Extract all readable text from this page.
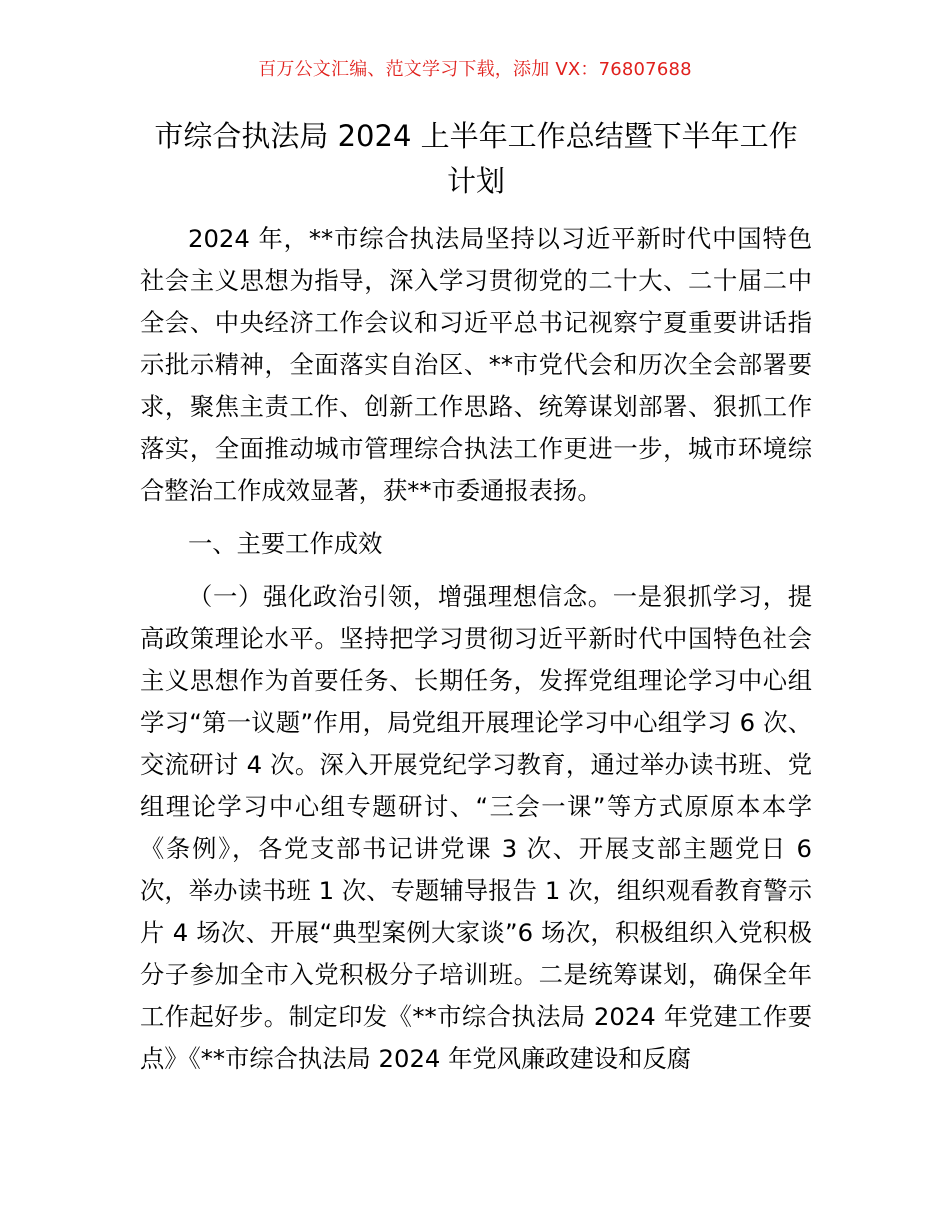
百万公文汇编、范文学习下载，添加 VX：76807688
市综合执法局 2024 上半年工作总结暨下半年工作计划

2024 年，**市综合执法局坚持以习近平新时代中国特色社会主义思想为指导，深入学习贯彻党的二十大、二十届二中全会、中央经济工作会议和习近平总书记视察宁夏重要讲话指示批示精神，全面落实自治区、**市党代会和历次全会部署要求，聚焦主责工作、创新工作思路、统筹谋划部署、狠抓工作落实，全面推动城市管理综合执法工作更进一步，城市环境综合整治工作成效显著，获**市委通报表扬。

一、主要工作成效

（一）强化政治引领，增强理想信念。一是狠抓学习，提高政策理论水平。坚持把学习贯彻习近平新时代中国特色社会主义思想作为首要任务、长期任务，发挥党组理论学习中心组学习“第一议题”作用，局党组开展理论学习中心组学习 6 次、交流研讨 4 次。深入开展党纪学习教育，通过举办读书班、党组理论学习中心组专题研讨、“三会一课”等方式原原本本学《条例》，各党支部书记讲党课 3 次、开展支部主题党日 6 次，举办读书班 1 次、专题辅导报告 1 次，组织观看教育警示片 4 场次、开展“典型案例大家谈”6 场次，积极组织入党积极分子参加全市入党积极分子培训班。二是统筹谋划，确保全年工作起好步。制定印发《**市综合执法局 2024 年党建工作要点》《**市综合执法局 2024 年党风廉政建设和反腐
